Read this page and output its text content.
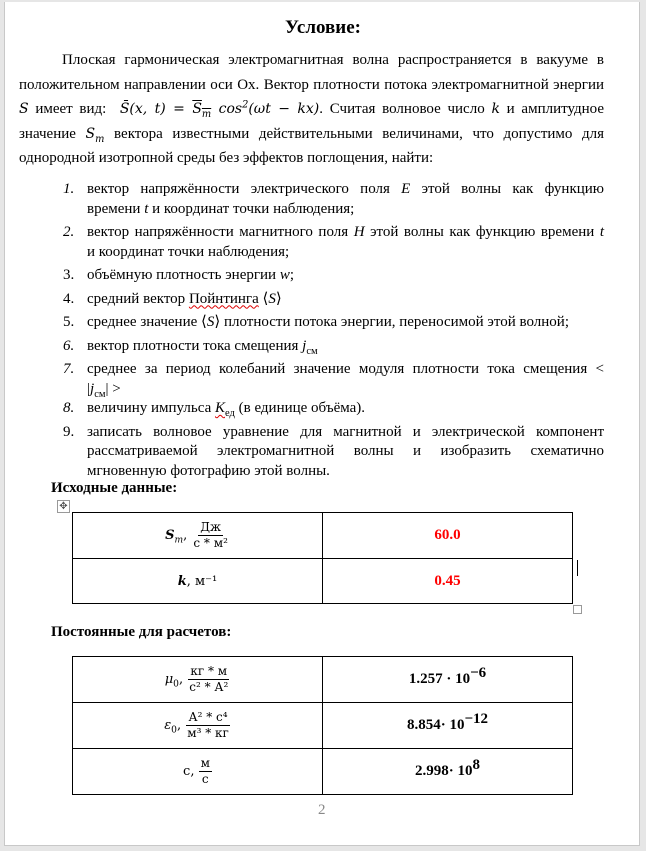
Условие:
Плоская гармоническая электромагнитная волна распространяется в вакууме в
положительном направлении оси Ох. Вектор плотности потока электромагнитной энергии
S имеет вид: S̄(x, $t) = S_m$ $\cos^2(\omega t - kx)$. Считая волновое число k и амплитудное
значение $S_m$ вектора известными действительными величинами, что допустимо для
однородной изотропной среды без эффектов поглощения, найти:
1. вектор напряжённости электрического поля E этой волны как функцию
времени t и координат точки наблюдения;
2. вектор напряжённости магнитного поля H этой волны как функцию времени t
и координат точки наблюдения;
3. объёмную плотность энергии w;
4. средний вектор Пойнтинга ⟨S⟩
5. среднее значение ⟨S⟩ плотности потока энергии, переносимой этой волной;
6. вектор плотности тока смещения $j_{см}$
7. среднее за период колебаний значение модуля плотности тока смещения <
$|j_{см}|$ >
8. величину импульса $K_{ед}$ (в единице объёма).
9. записать волновое уравнение для магнитной и электрической компонент
рассматриваемой электромагнитной волны и изобразить схематично
мгновенную фотографию этой волны.
Исходные данные:
✥
$S_m$, $\frac{Дж}{\text{с * м²}}$	60.0
k, м⁻¹	0.45
Постоянные для расчетов:
$\mu_0$, $\frac{кг * м}{\text{с² * А²}}$	$1.257 \cdot 10^{-6}$
$\varepsilon_0$, $\frac{\text{А² * с⁴}}{\text{м³ * кг}}$	$8.854\cdot 10^{-12}$
с, $\frac{м}{с}$	$2.998\cdot 10^8$
2
